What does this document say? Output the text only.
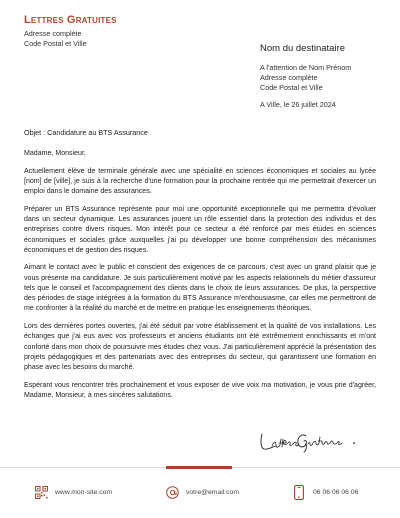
Lettres Gratuites
Adresse complète
Code Postal et Ville	Nom du destinataire
A l'attention de Nom Prénom
Adresse complète
Code Postal et Ville
A Ville, le 26 juillet 2024
Objet : Candidature au BTS Assurance

Madame, Monsieur,

Actuellement élève de terminale générale avec une spécialité en sciences économiques et sociales au lycée [nom] de [ville], je suis à la recherche d'une formation pour la prochaine rentrée qui me permettrait d'exercer un emploi dans le domaine des assurances.

Préparer un BTS Assurance représente pour moi une opportunité exceptionnelle qui me permettra d'évoluer dans un secteur dynamique. Les assurances jouent un rôle essentiel dans la protection des individus et des entreprises contre divers risques. Mon intérêt pour ce secteur a été renforcé par mes études en sciences économiques et sociales grâce auxquelles j'ai pu développer une bonne compréhension des mécanismes économiques et de gestion des risques.

Aimant le contact avec le public et conscient des exigences de ce parcours, c'est avec un grand plaisir que je vous présente ma candidature. Je suis particulièrement motivé par les aspects relationnels du métier d'assureur tels que le conseil et l'accompagnement des clients dans le choix de leurs assurances. De plus, la perspective des périodes de stage intégrées à la formation du BTS Assurance m'enthousiasme, car elles me permettront de me confronter à la réalité du marché et de mettre en pratique les enseignements théoriques.

Lors des dernières portes ouvertes, j'ai été séduit par votre établissement et la qualité de vos installations. Les échanges que j'ai eus avec vos professeurs et anciens étudiants ont été extrêmement enrichissants et m'ont conforté dans mon choix de poursuivre mes études chez vous. J'ai particulièrement apprécié la présentation des projets pédagogiques et des partenariats avec des entreprises du secteur, qui garantissent une formation en phase avec les besoins du marché.

Espérant vous rencontrer très prochainement et vous exposer de vive voix ma motivation, je vous prie d'agréer, Madame, Monsieur, à mes sincères salutations.

www.mon-site.com	votre@email.com	06 06 06 06 06
